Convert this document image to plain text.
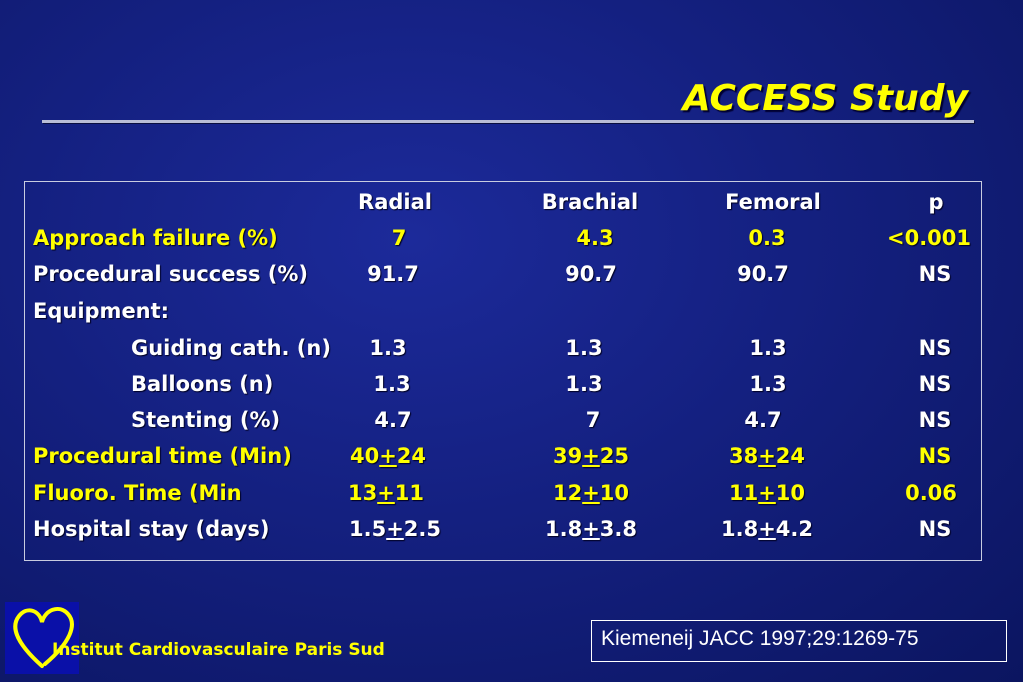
ACCESS Study
Radial	Brachial	Femoral	p
Approach failure (%)	7	4.3	0.3	<0.001
Procedural success (%)	91.7	90.7	90.7	NS
Equipment:
Guiding cath. (n) 1.3	1.3	1.3	NS
Balloons (n)	1.3	1.3	1.3	NS
Stenting (%)	4.7	7	4.7	NS
Procedural time (Min)	40+24	39+25	38+24	NS
Fluoro. Time (Min	13+11	12+10	11+10	0.06
Hospital stay (days)	1.5+2.5	1.8+3.8	1.8+4.2	NS
Institut Cardiovasculaire Paris Sud	Kiemeneij JACC 1997;29:1269-75
